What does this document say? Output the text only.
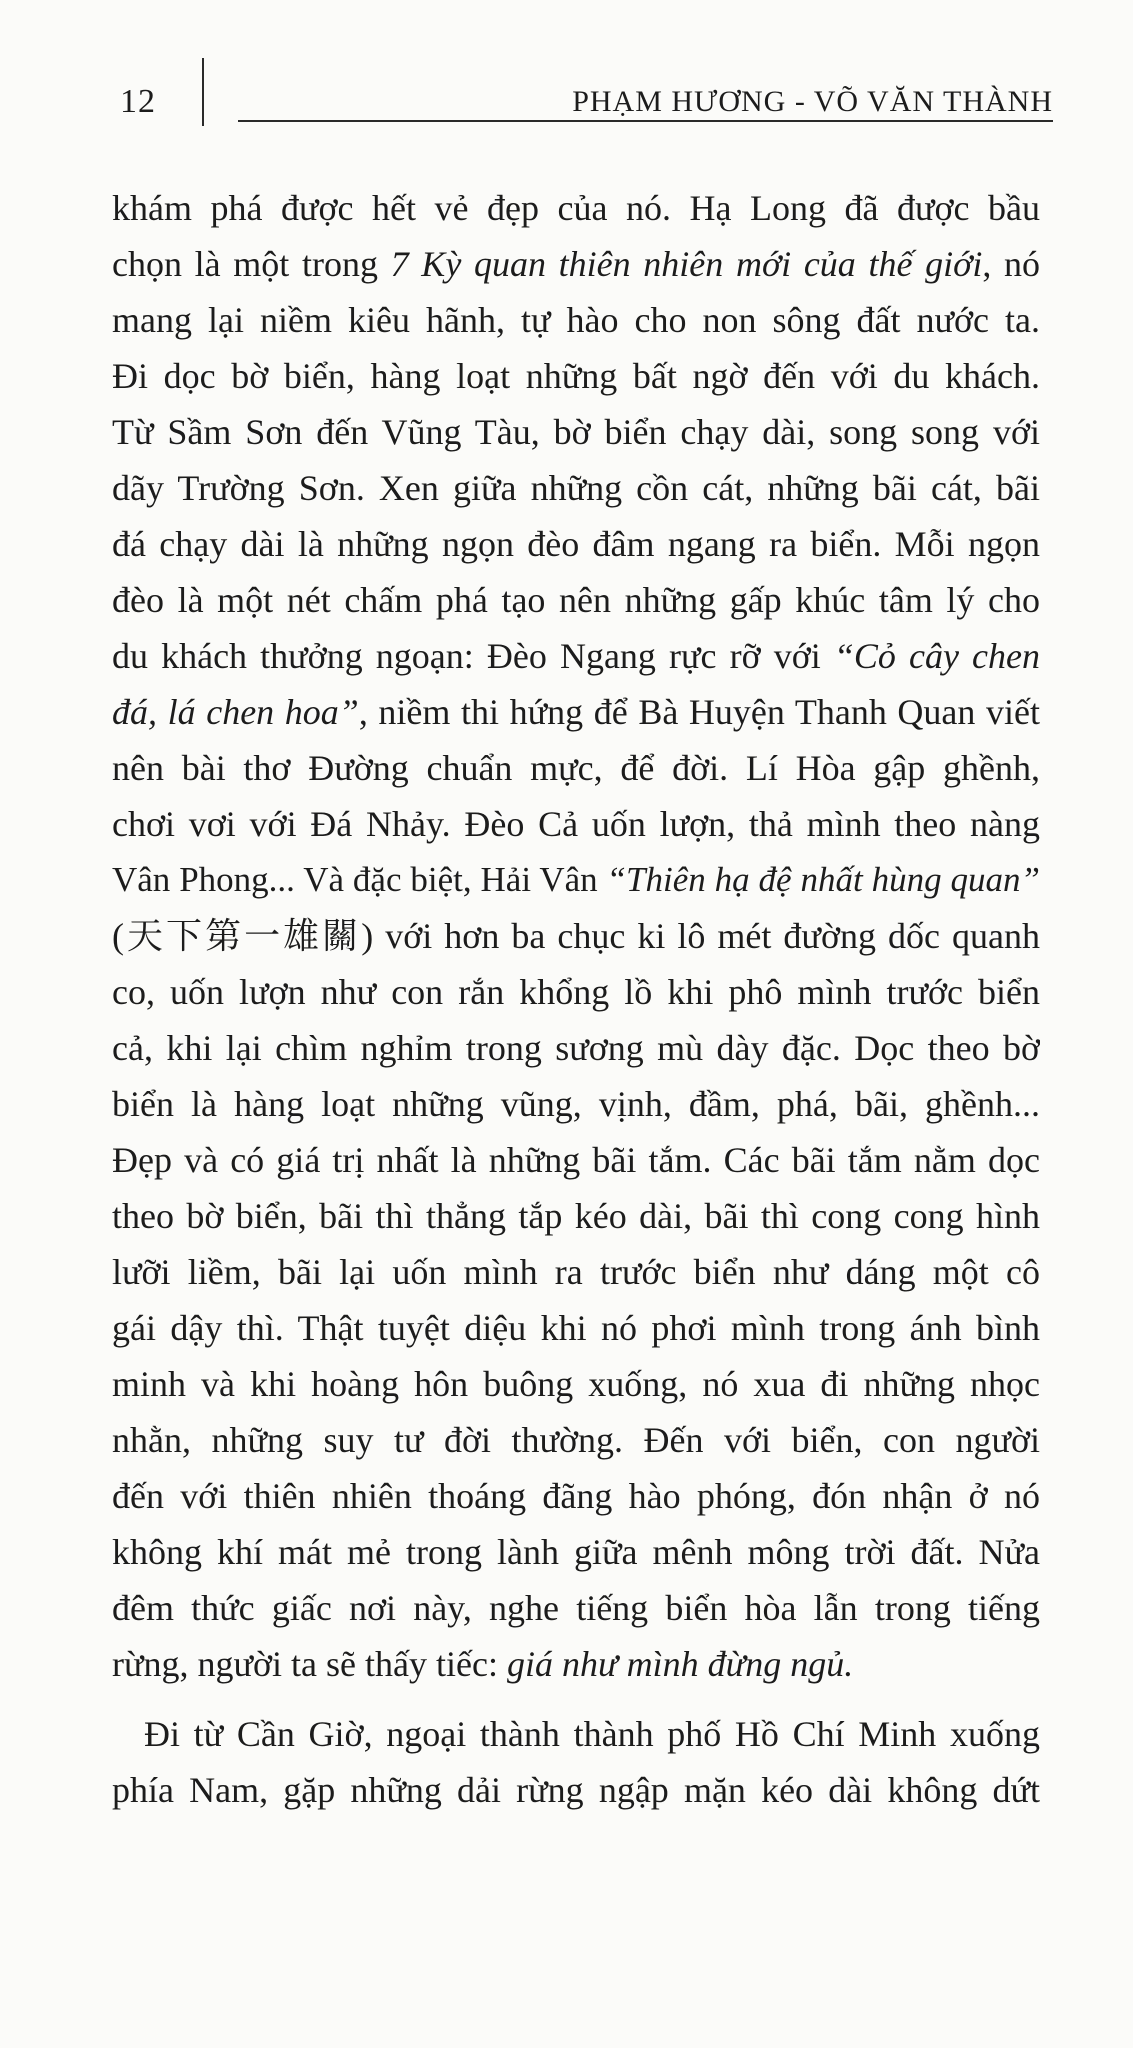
12	PHẠM HƯƠNG - VÕ VĂN THÀNH
khám phá được hết vẻ đẹp của nó. Hạ Long đã được bầu
chọn là một trong 7 Kỳ quan thiên nhiên mới của thế giới, nó
mang lại niềm kiêu hãnh, tự hào cho non sông đất nước ta.
Đi dọc bờ biển, hàng loạt những bất ngờ đến với du khách.
Từ Sầm Sơn đến Vũng Tàu, bờ biển chạy dài, song song với
dãy Trường Sơn. Xen giữa những cồn cát, những bãi cát, bãi
đá chạy dài là những ngọn đèo đâm ngang ra biển. Mỗi ngọn
đèo là một nét chấm phá tạo nên những gấp khúc tâm lý cho
du khách thưởng ngoạn: Đèo Ngang rực rỡ với “Cỏ cây chen
đá, lá chen hoa”, niềm thi hứng để Bà Huyện Thanh Quan viết
nên bài thơ Đường chuẩn mực, để đời. Lí Hòa gập ghềnh,
chơi vơi với Đá Nhảy. Đèo Cả uốn lượn, thả mình theo nàng
Vân Phong... Và đặc biệt, Hải Vân “Thiên hạ đệ nhất hùng quan”
(天下第一雄關) với hơn ba chục ki lô mét đường dốc quanh
co, uốn lượn như con rắn khổng lồ khi phô mình trước biển
cả, khi lại chìm nghỉm trong sương mù dày đặc. Dọc theo bờ
biển là hàng loạt những vũng, vịnh, đầm, phá, bãi, ghềnh...
Đẹp và có giá trị nhất là những bãi tắm. Các bãi tắm nằm dọc
theo bờ biển, bãi thì thẳng tắp kéo dài, bãi thì cong cong hình
lưỡi liềm, bãi lại uốn mình ra trước biển như dáng một cô
gái dậy thì. Thật tuyệt diệu khi nó phơi mình trong ánh bình
minh và khi hoàng hôn buông xuống, nó xua đi những nhọc
nhằn, những suy tư đời thường. Đến với biển, con người
đến với thiên nhiên thoáng đãng hào phóng, đón nhận ở nó
không khí mát mẻ trong lành giữa mênh mông trời đất. Nửa
đêm thức giấc nơi này, nghe tiếng biển hòa lẫn trong tiếng
rừng, người ta sẽ thấy tiếc: giá như mình đừng ngủ.
Đi từ Cần Giờ, ngoại thành thành phố Hồ Chí Minh xuống
phía Nam, gặp những dải rừng ngập mặn kéo dài không dứt
